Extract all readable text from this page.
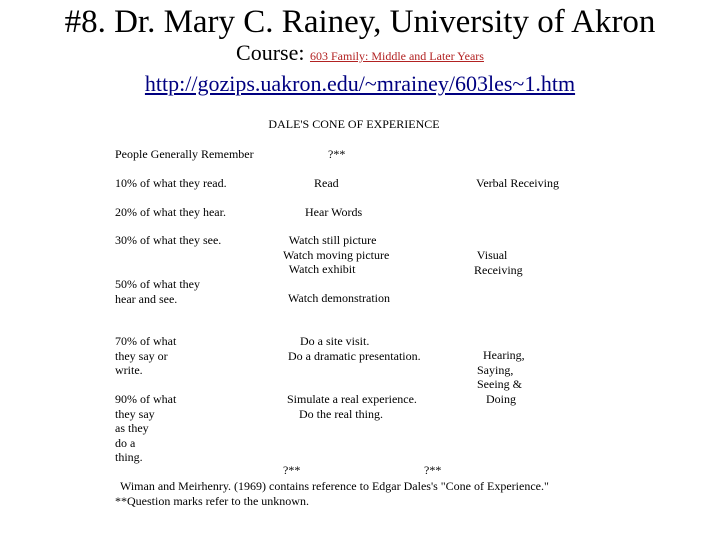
#8. Dr. Mary C. Rainey, University of Akron
Course: 603 Family: Middle and Later Years
http://gozips.uakron.edu/~mrainey/603les~1.htm
DALE'S CONE OF EXPERIENCE
People Generally Remember	?**
10% of what they read.
20% of what they hear.
30% of what they see.
50% of what they
hear and see.
70% of what
they say or
write.
90% of what
they say
as they
do a
thing.
Read
Hear Words
Watch still picture
Watch moving picture
Watch exhibit
Watch demonstration
Do a site visit.
Do a dramatic presentation.
Simulate a real experience.
Do the real thing.
Verbal Receiving
Visual
Receiving
Hearing,
Saying,
Seeing &
Doing
?**	?**
Wiman and Meirhenry. (1969) contains reference to Edgar Dales's "Cone of Experience."
**Question marks refer to the unknown.
